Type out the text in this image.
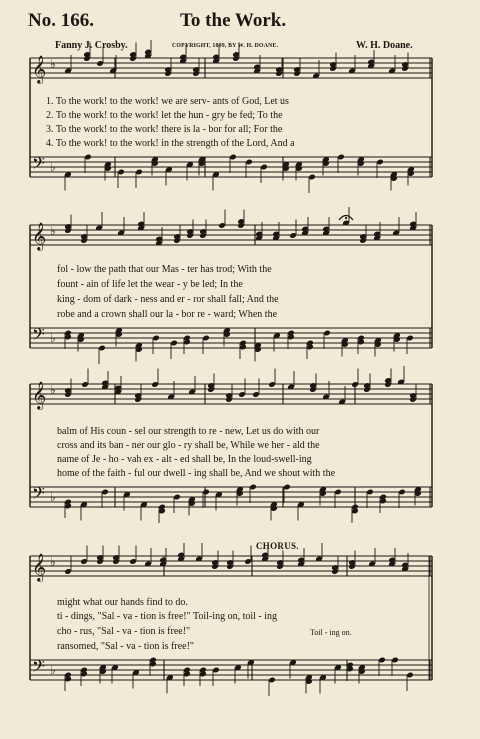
No. 166.	To the Work.
Fanny J. Crosby.	COPYRIGHT, 1899, BY W. H. DOANE.	W. H. Doane.
CHORUS.
𝄞 ♭
𝄢 ♭
𝄞 ♭
𝄢 ♭
𝄞 ♭
𝄢 ♭
𝄞 ♭
𝄢 ♭
1. To the work! to the work! we are serv- ants of God, Let us
2. To the work! to the work! let the hun - gry be fed; To the
3. To the work! to the work! there is la - bor for all; For the
4. To the work! to the work! in the strength of the Lord, And a
fol - low the path that our Mas - ter has trod; With the
fount - ain of life let the wear - y be led; In the
king - dom of dark - ness and er - ror shall fall; And the
robe and a crown shall our la - bor re - ward; When the
balm of His coun - sel our strength to re - new, Let us do with our
cross and its ban - ner our glo - ry shall be, While we her - ald the
name of Je - ho - vah ex - alt - ed shall be, In the loud-swell-ing
home of the faith - ful our dwell - ing shall be, And we shout with the
might what our hands find to do.
ti - dings, "Sal - va - tion is free!" Toil-ing on, toil - ing
cho - rus, "Sal - va - tion is free!"
ransomed, "Sal - va - tion is free!"
Toil - ing on.
